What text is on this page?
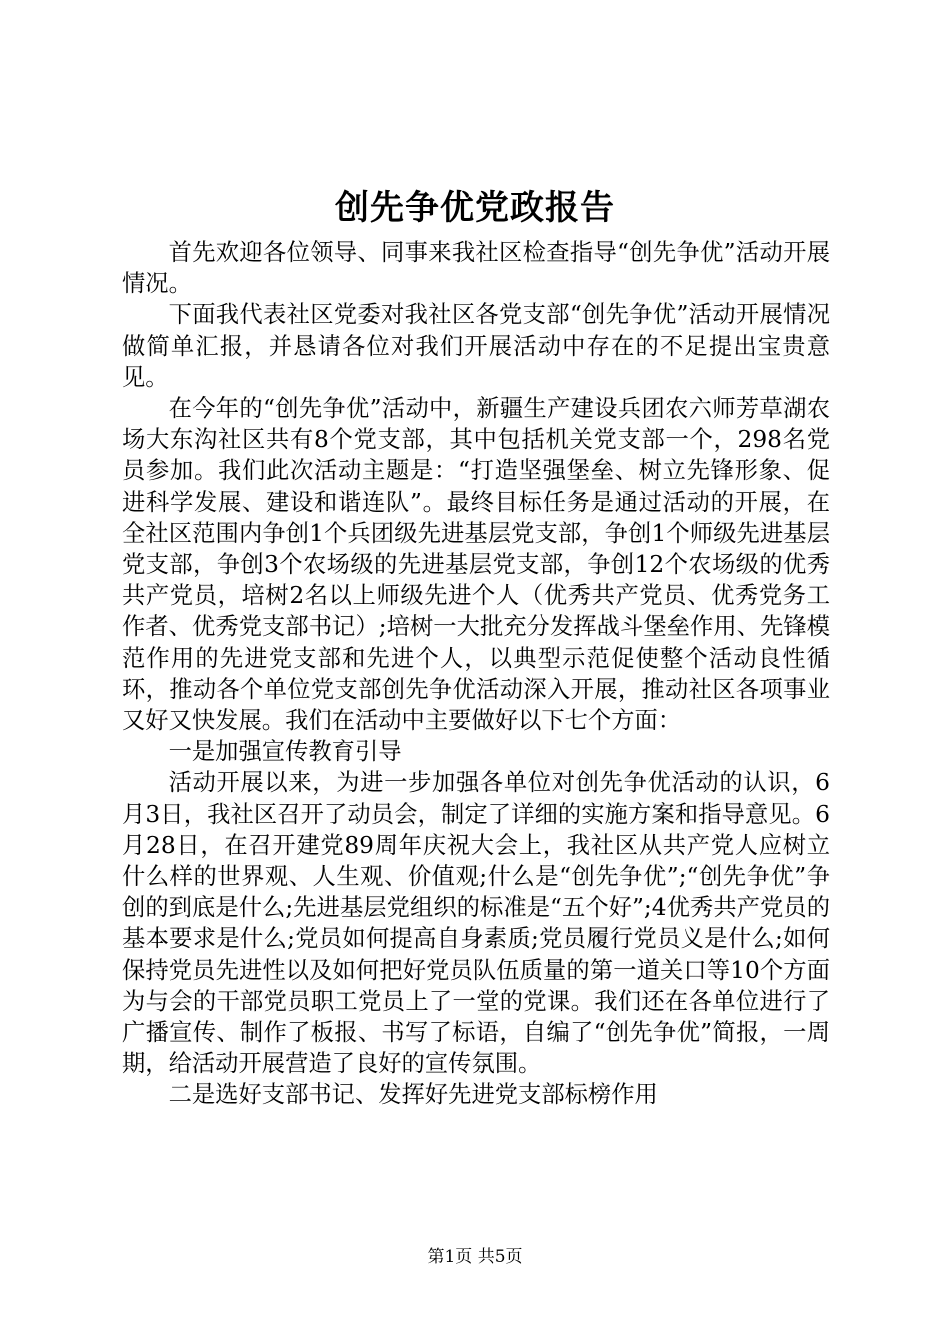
创先争优党政报告

首先欢迎各位领导、同事来我社区检查指导“创先争优”活动开展情况。

下面我代表社区党委对我社区各党支部“创先争优”活动开展情况做简单汇报，并恳请各位对我们开展活动中存在的不足提出宝贵意见。

在今年的“创先争优”活动中，新疆生产建设兵团农六师芳草湖农场大东沟社区共有8个党支部，其中包括机关党支部一个，298名党员参加。我们此次活动主题是：“打造坚强堡垒、树立先锋形象、促进科学发展、建设和谐连队”。最终目标任务是通过活动的开展，在全社区范围内争创1个兵团级先进基层党支部，争创1个师级先进基层党支部，争创3个农场级的先进基层党支部，争创12个农场级的优秀共产党员，培树2名以上师级先进个人（优秀共产党员、优秀党务工作者、优秀党支部书记）;培树一大批充分发挥战斗堡垒作用、先锋模范作用的先进党支部和先进个人，以典型示范促使整个活动良性循环，推动各个单位党支部创先争优活动深入开展，推动社区各项事业又好又快发展。我们在活动中主要做好以下七个方面：

一是加强宣传教育引导

活动开展以来，为进一步加强各单位对创先争优活动的认识，6月3日，我社区召开了动员会，制定了详细的实施方案和指导意见。6月28日，在召开建党89周年庆祝大会上，我社区从共产党人应树立什么样的世界观、人生观、价值观;什么是“创先争优”;“创先争优”争创的到底是什么;先进基层党组织的标准是“五个好”;4优秀共产党员的基本要求是什么;党员如何提高自身素质;党员履行党员义是什么;如何保持党员先进性以及如何把好党员队伍质量的第一道关口等10个方面为与会的干部党员职工党员上了一堂的党课。我们还在各单位进行了广播宣传、制作了板报、书写了标语，自编了“创先争优”简报，一周期，给活动开展营造了良好的宣传氛围。

二是选好支部书记、发挥好先进党支部标榜作用

第1页 共5页
